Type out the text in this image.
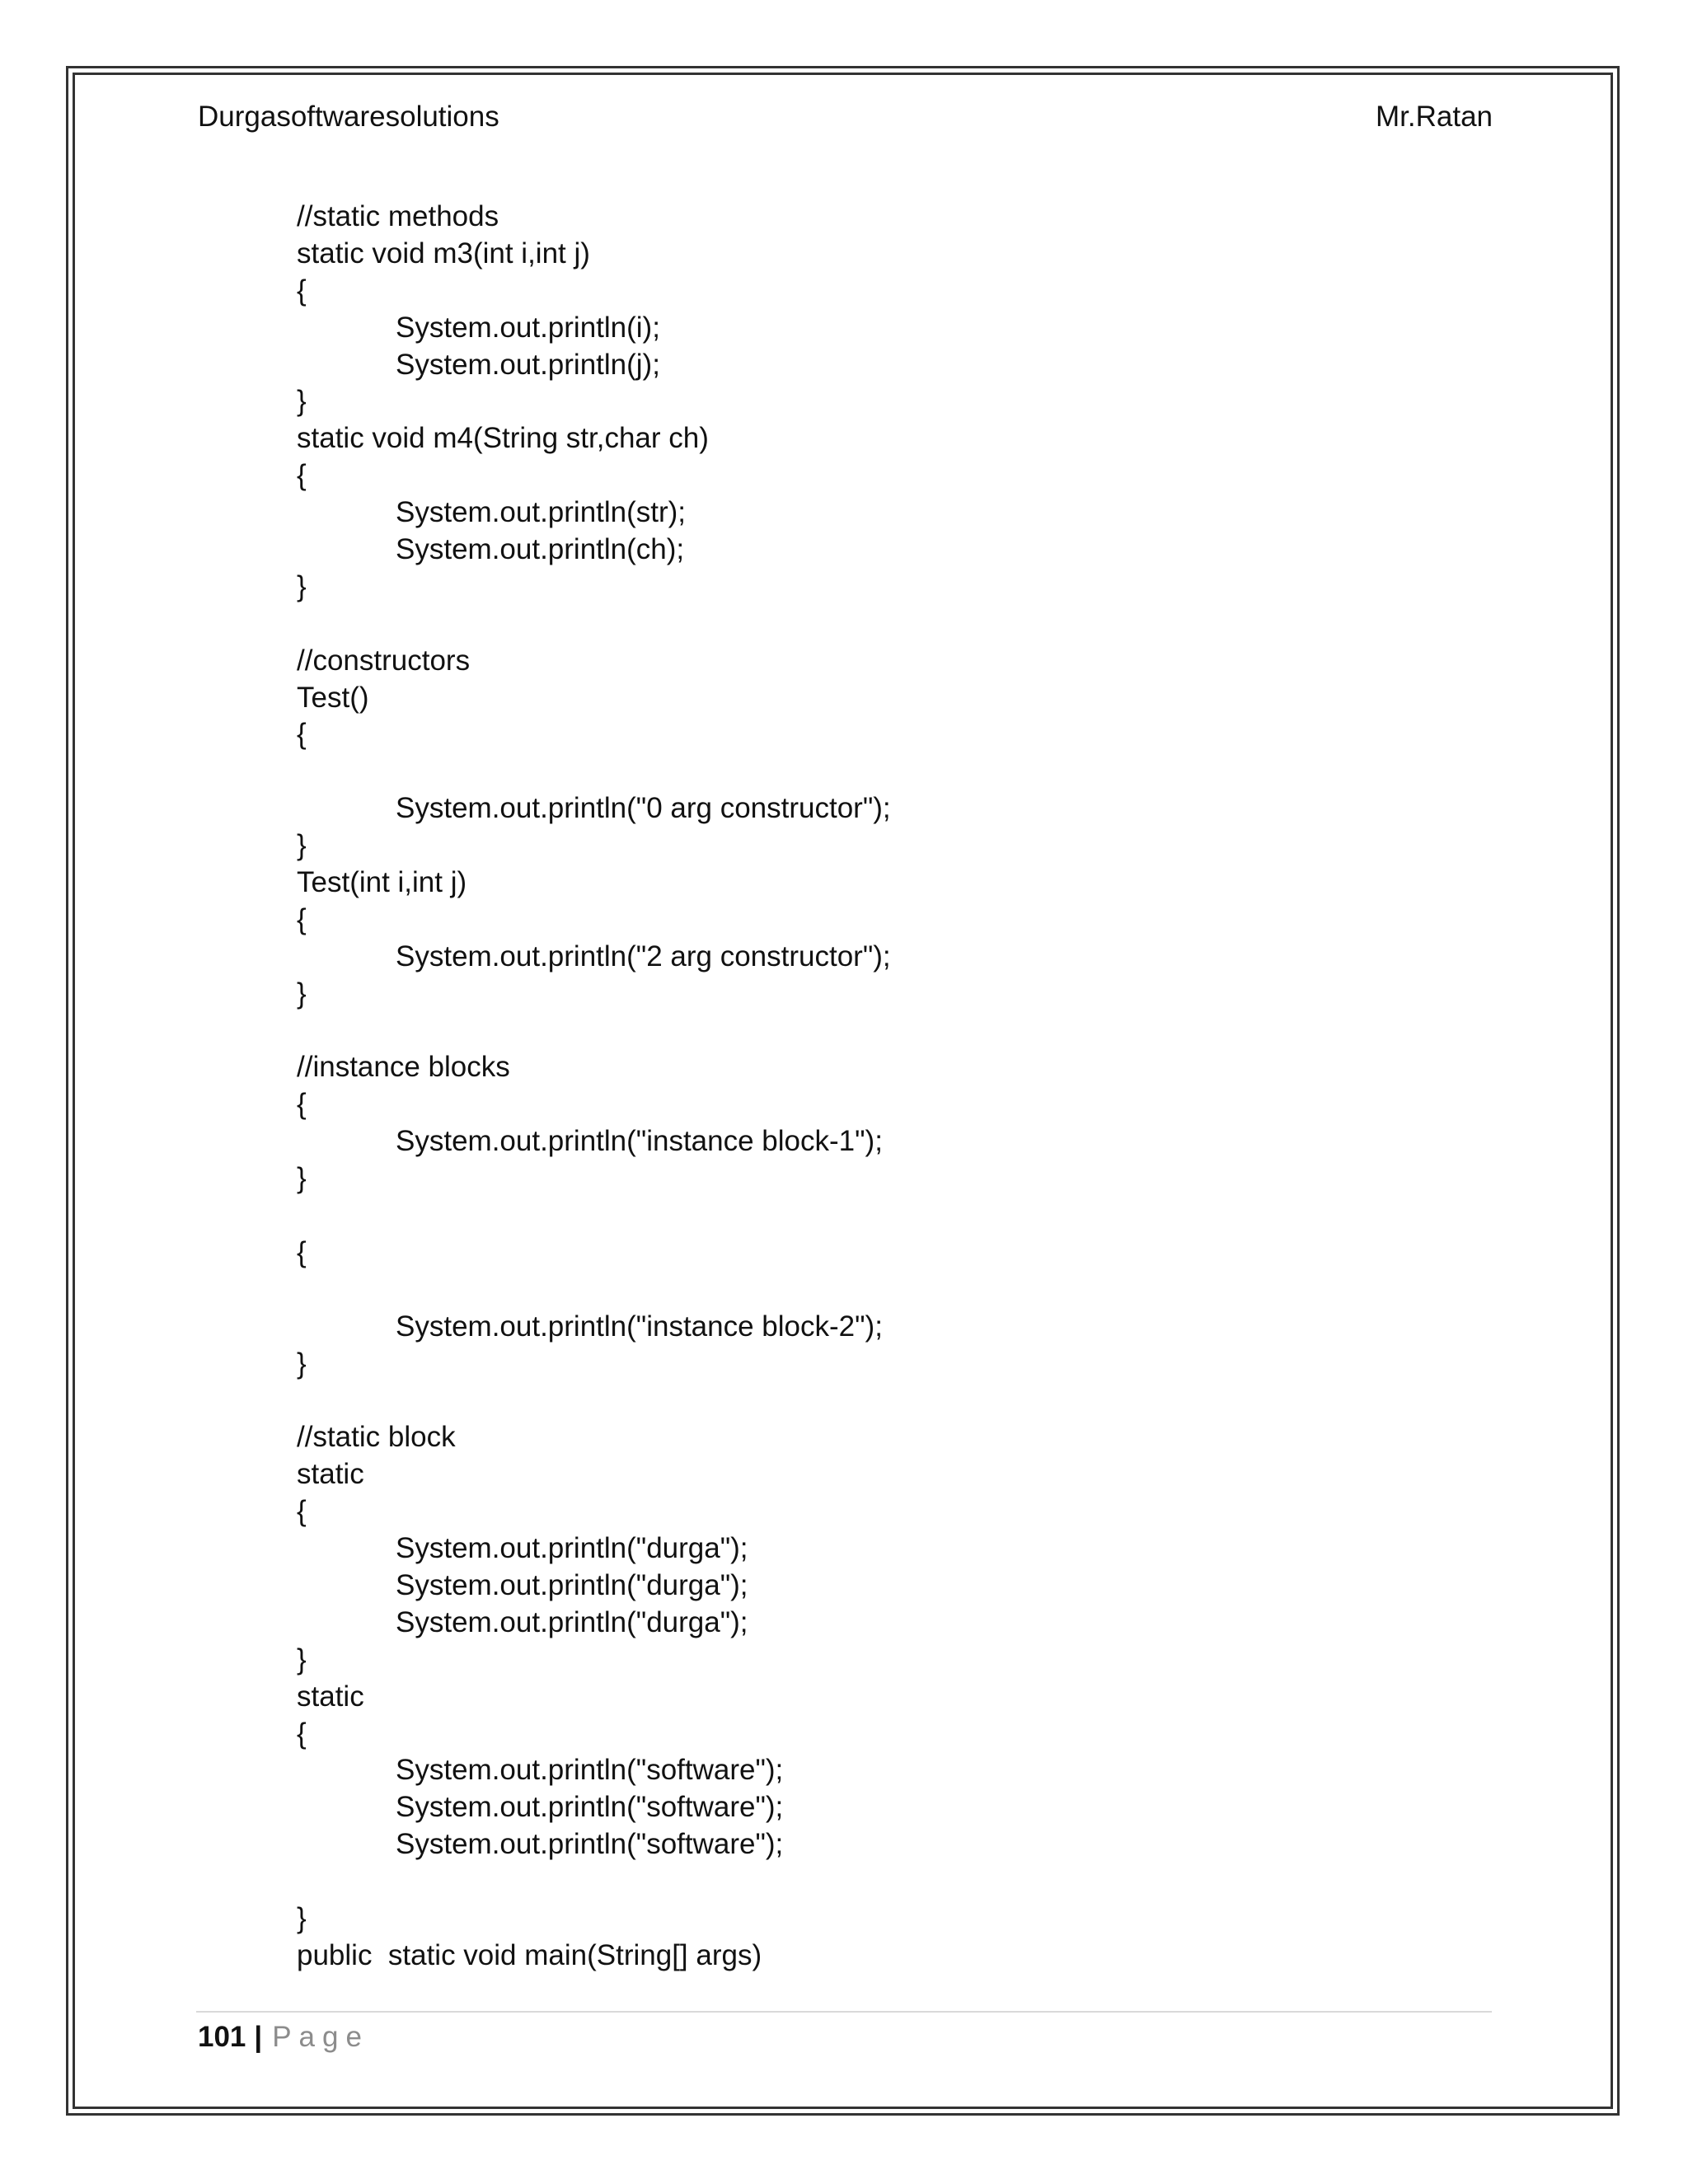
Durgasoftwaresolutions	Mr.Ratan
//static methods
static void m3(int i,int j)
{
System.out.println(i);
System.out.println(j);
}
static void m4(String str,char ch)
{
System.out.println(str);
System.out.println(ch);
}
//constructors
Test()
{
System.out.println("0 arg constructor");
}
Test(int i,int j)
{
System.out.println("2 arg constructor");
}
//instance blocks
{
System.out.println("instance block-1");
}
{
System.out.println("instance block-2");
}
//static block
static
{
System.out.println("durga");
System.out.println("durga");
System.out.println("durga");
}
static
{
System.out.println("software");
System.out.println("software");
System.out.println("software");
}
public  static void main(String[] args)
101 | Page
